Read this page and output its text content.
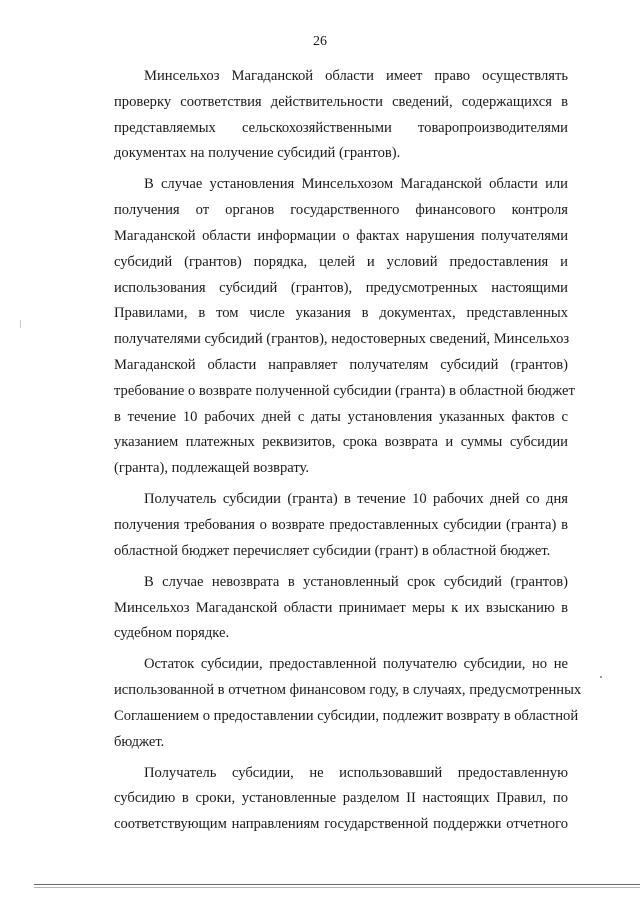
26
Минсельхоз Магаданской области имеет право осуществлять
проверку соответствия действительности сведений, содержащихся в
представляемых сельскохозяйственными товаропроизводителями
документах на получение субсидий (грантов).
В случае установления Минсельхозом Магаданской области или
получения от органов государственного финансового контроля
Магаданской области информации о фактах нарушения получателями
субсидий (грантов) порядка, целей и условий предоставления и
использования субсидий (грантов), предусмотренных настоящими
Правилами, в том числе указания в документах, представленных
получателями субсидий (грантов), недостоверных сведений, Минсельхоз
Магаданской области направляет получателям субсидий (грантов)
требование о возврате полученной субсидии (гранта) в областной бюджет
в течение 10 рабочих дней с даты установления указанных фактов с
указанием платежных реквизитов, срока возврата и суммы субсидии
(гранта), подлежащей возврату.
Получатель субсидии (гранта) в течение 10 рабочих дней со дня
получения требования о возврате предоставленных субсидии (гранта) в
областной бюджет перечисляет субсидии (грант) в областной бюджет.
В случае невозврата в установленный срок субсидий (грантов)
Минсельхоз Магаданской области принимает меры к их взысканию в
судебном порядке.
Остаток субсидии, предоставленной получателю субсидии, но не
использованной в отчетном финансовом году, в случаях, предусмотренных
Соглашением о предоставлении субсидии, подлежит возврату в областной
бюджет.
Получатель субсидии, не использовавший предоставленную
субсидию в сроки, установленные разделом II настоящих Правил, по
соответствующим направлениям государственной поддержки отчетного
